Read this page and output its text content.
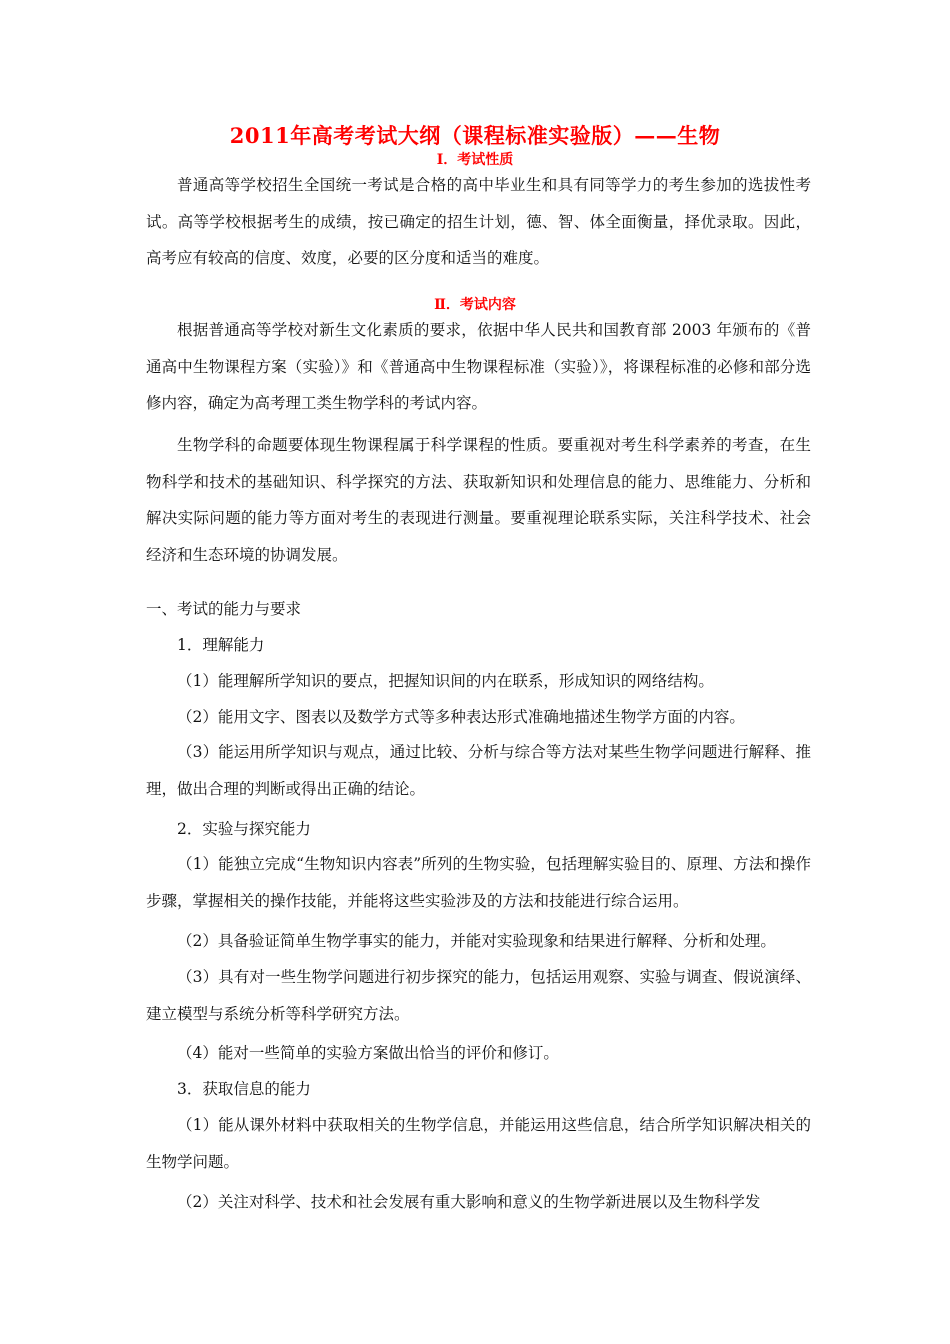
2011年高考考试大纲（课程标准实验版）——生物
Ⅰ．考试性质

普通高等学校招生全国统一考试是合格的高中毕业生和具有同等学力的考生参加的选拔性考试。高等学校根据考生的成绩，按已确定的招生计划，德、智、体全面衡量，择优录取。因此，高考应有较高的信度、效度，必要的区分度和适当的难度。

Ⅱ．考试内容

根据普通高等学校对新生文化素质的要求，依据中华人民共和国教育部 2003 年颁布的《普通高中生物课程方案（实验）》和《普通高中生物课程标准（实验）》，将课程标准的必修和部分选修内容，确定为高考理工类生物学科的考试内容。

生物学科的命题要体现生物课程属于科学课程的性质。要重视对考生科学素养的考查，在生物科学和技术的基础知识、科学探究的方法、获取新知识和处理信息的能力、思维能力、分析和解决实际问题的能力等方面对考生的表现进行测量。要重视理论联系实际，关注科学技术、社会经济和生态环境的协调发展。

一、考试的能力与要求
1．理解能力
（1）能理解所学知识的要点，把握知识间的内在联系，形成知识的网络结构。
（2）能用文字、图表以及数学方式等多种表达形式准确地描述生物学方面的内容。

（3）能运用所学知识与观点，通过比较、分析与综合等方法对某些生物学问题进行解释、推理，做出合理的判断或得出正确的结论。

2．实验与探究能力

（1）能独立完成“生物知识内容表”所列的生物实验，包括理解实验目的、原理、方法和操作步骤，掌握相关的操作技能，并能将这些实验涉及的方法和技能进行综合运用。

（2）具备验证简单生物学事实的能力，并能对实验现象和结果进行解释、分析和处理。

（3）具有对一些生物学问题进行初步探究的能力，包括运用观察、实验与调查、假说演绎、建立模型与系统分析等科学研究方法。

（4）能对一些简单的实验方案做出恰当的评价和修订。
3．获取信息的能力

（1）能从课外材料中获取相关的生物学信息，并能运用这些信息，结合所学知识解决相关的生物学问题。

（2）关注对科学、技术和社会发展有重大影响和意义的生物学新进展以及生物科学发
